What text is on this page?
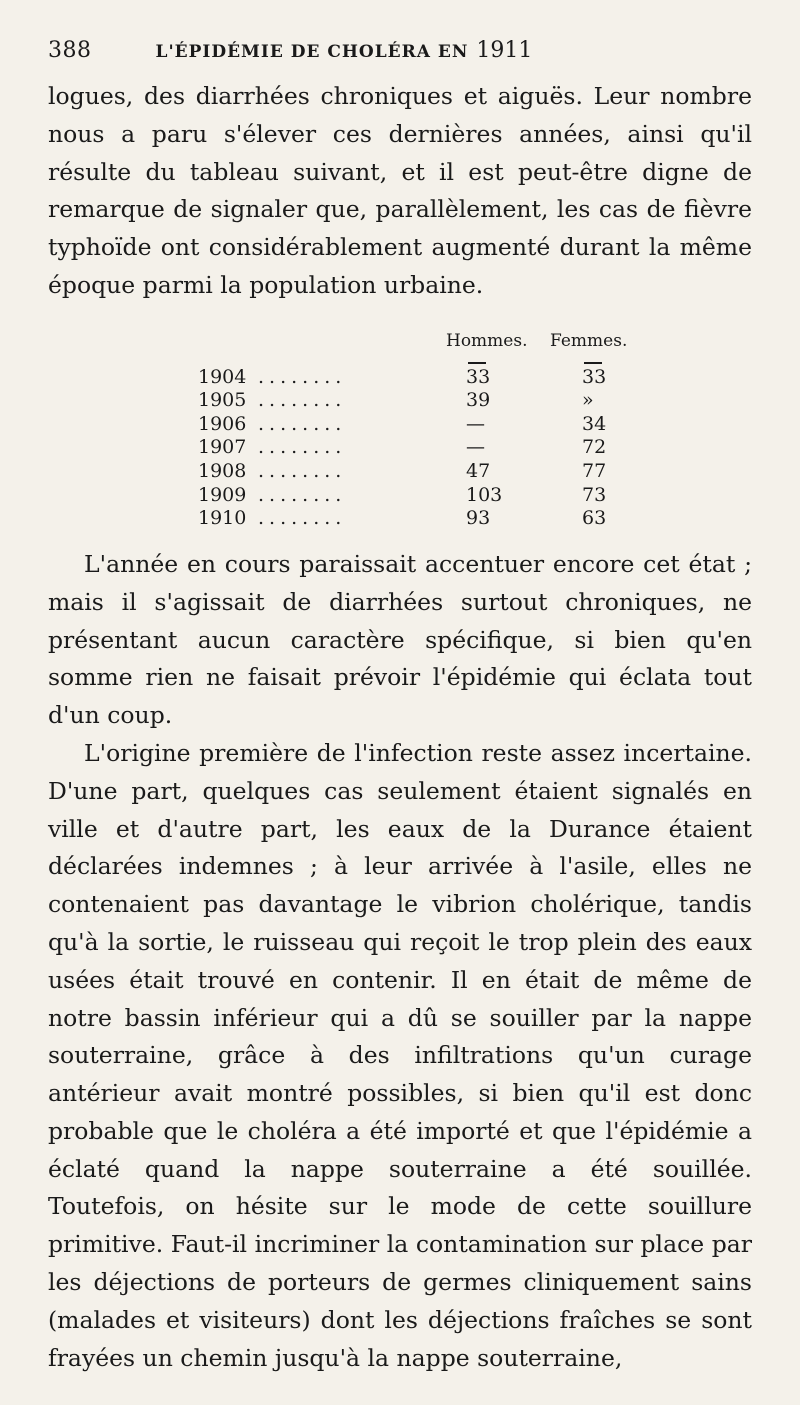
388	L'ÉPIDÉMIE DE CHOLÉRA EN 1911

logues, des diarrhées chroniques et aiguës. Leur nombre nous a paru s'élever ces dernières années, ainsi qu'il résulte du tableau suivant, et il est peut-être digne de remarque de signaler que, parallèlement, les cas de fièvre typhoïde ont considérablement augmenté durant la même époque parmi la population urbaine.

Hommes.	Femmes.
1904 ........	33	33
1905 ........	39	»
1906 ........	—	34
1907 ........	—	72
1908 ........	47	77
1909 ........	103	73
1910 ........	93	63

L'année en cours paraissait accentuer encore cet état ; mais il s'agissait de diarrhées surtout chroniques, ne présentant aucun caractère spécifique, si bien qu'en somme rien ne faisait prévoir l'épidémie qui éclata tout d'un coup.

L'origine première de l'infection reste assez incertaine. D'une part, quelques cas seulement étaient signalés en ville et d'autre part, les eaux de la Durance étaient déclarées indemnes ; à leur arrivée à l'asile, elles ne contenaient pas davantage le vibrion cholérique, tandis qu'à la sortie, le ruisseau qui reçoit le trop plein des eaux usées était trouvé en contenir. Il en était de même de notre bassin inférieur qui a dû se souiller par la nappe souterraine, grâce à des infiltrations qu'un curage antérieur avait montré possibles, si bien qu'il est donc probable que le choléra a été importé et que l'épidémie a éclaté quand la nappe souterraine a été souillée. Toutefois, on hésite sur le mode de cette souillure primitive. Faut-il incriminer la contamination sur place par les déjections de porteurs de germes cliniquement sains (malades et visiteurs) dont les déjections fraîches se sont frayées un chemin jusqu'à la nappe souterraine,
